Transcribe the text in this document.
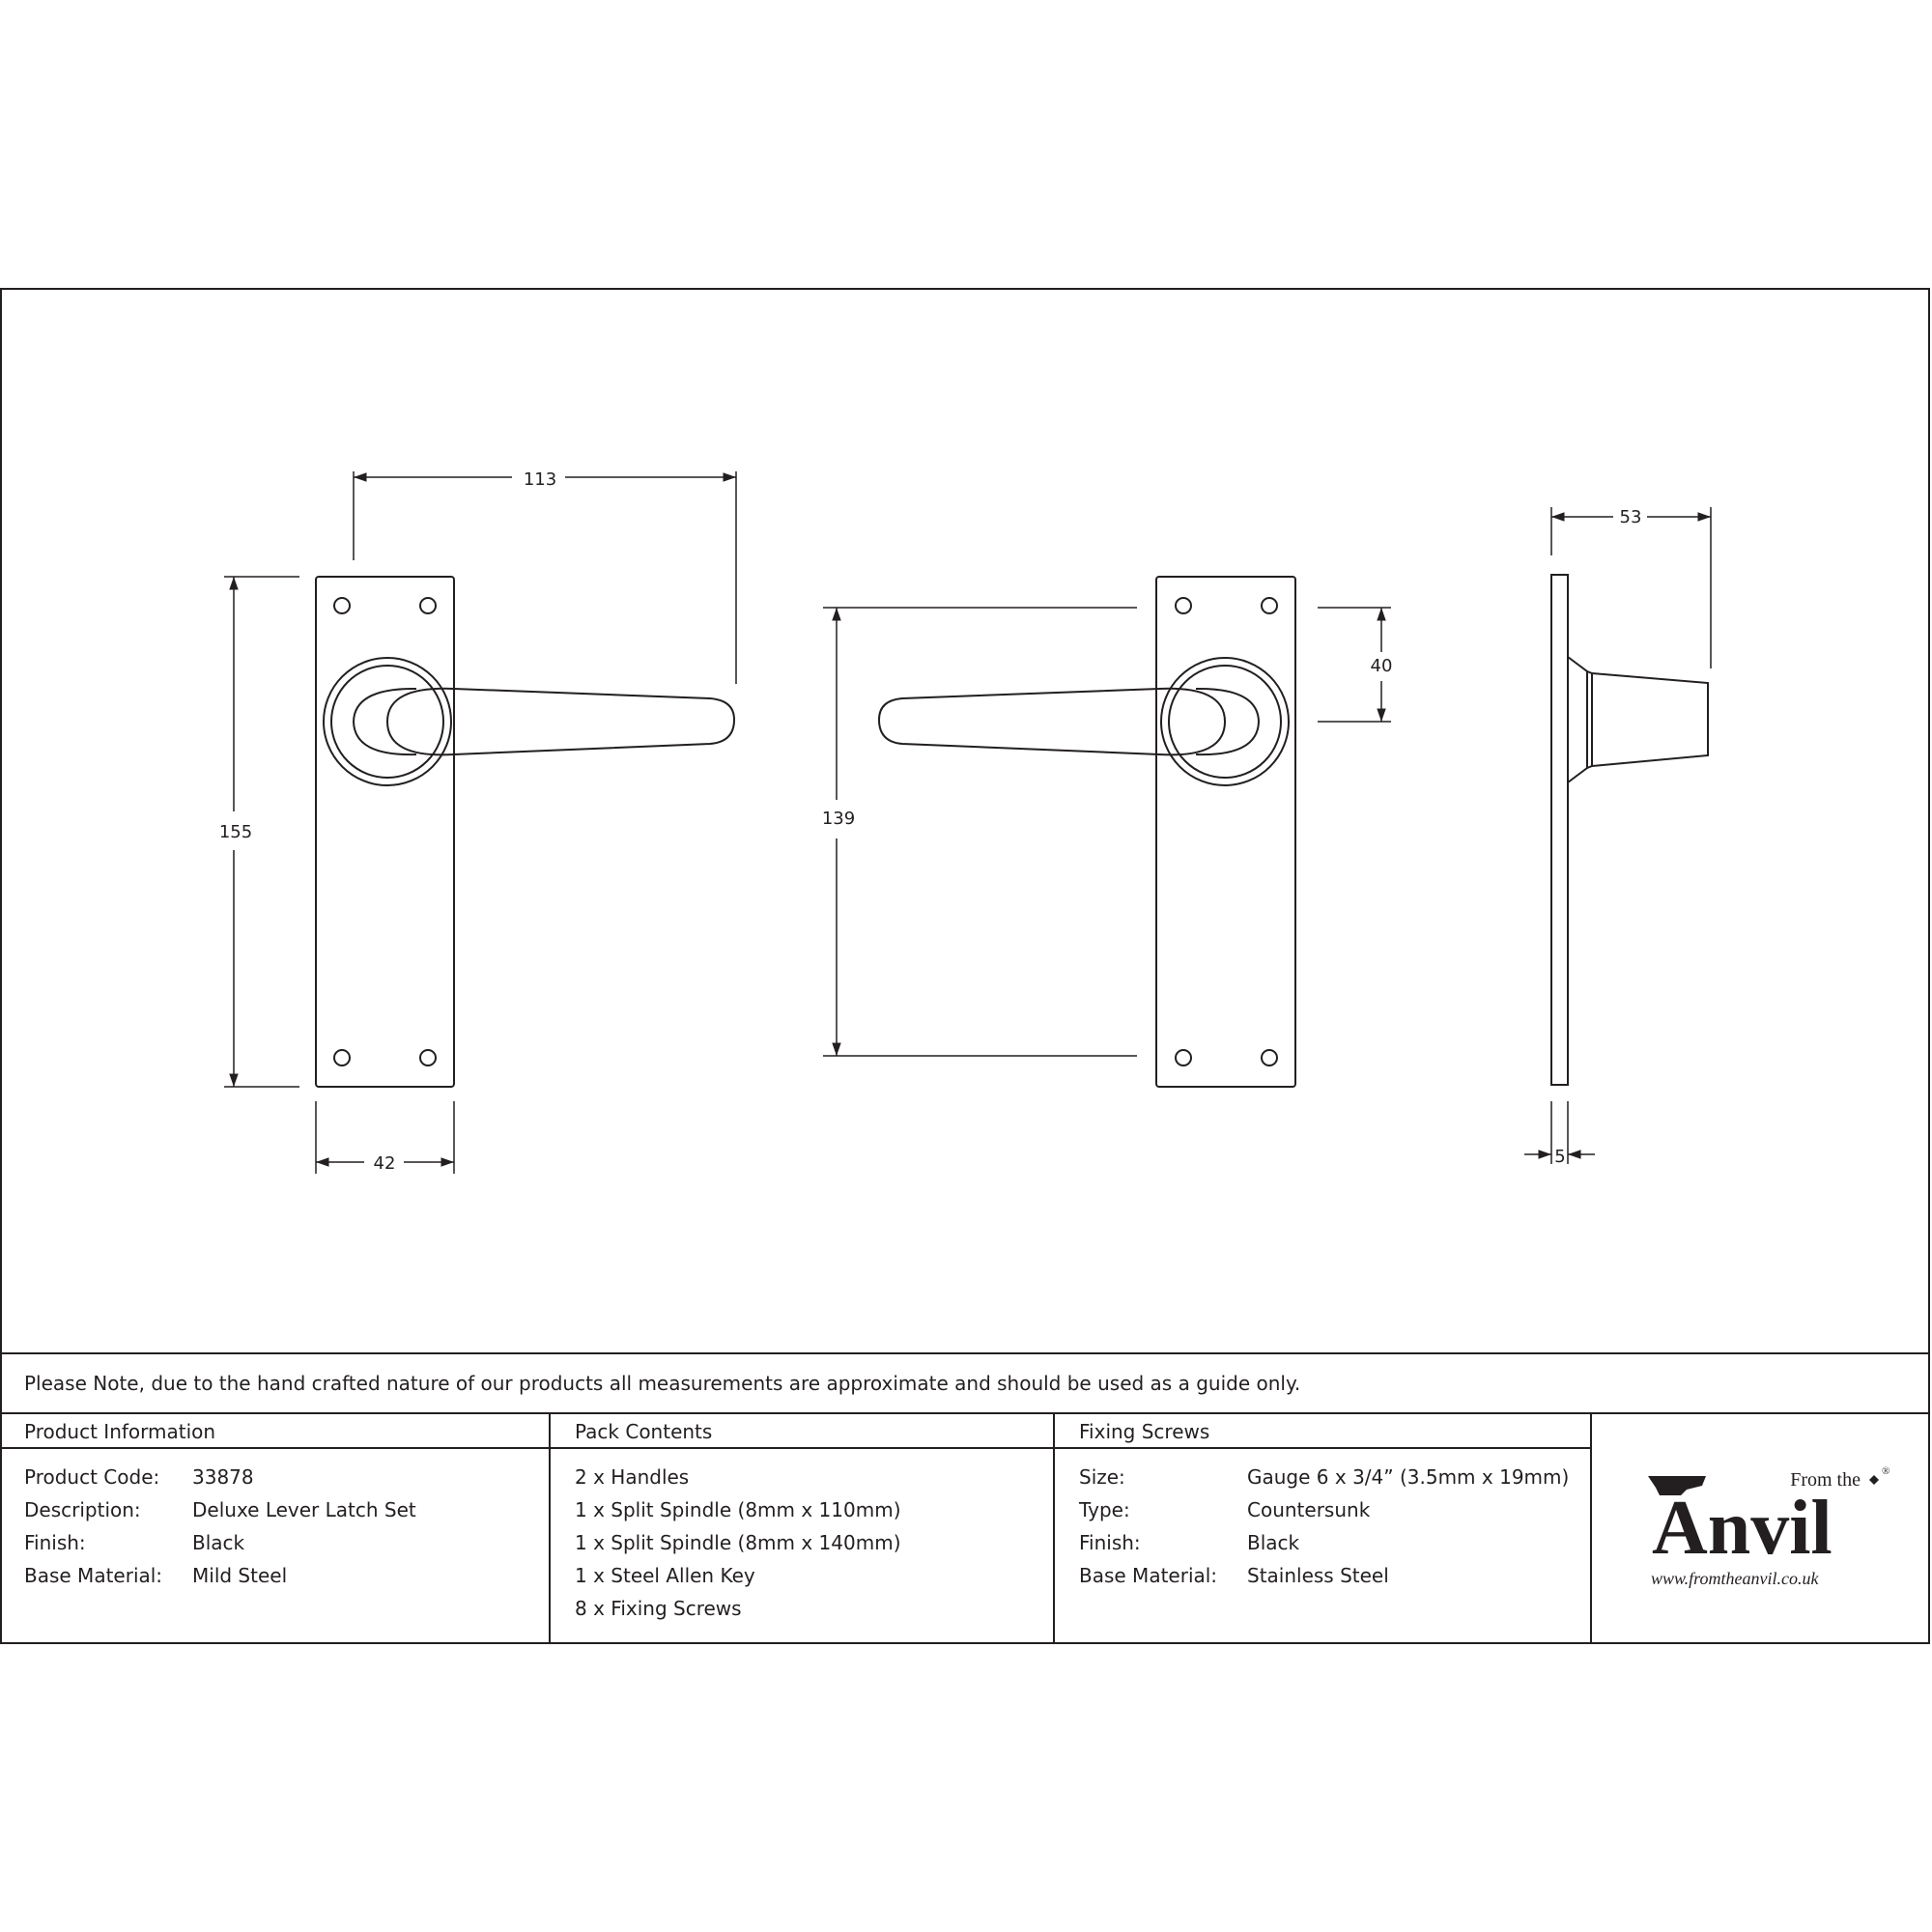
113
155
42
139
40
53
5
Please Note, due to the hand crafted nature of our products all measurements are approximate and should be used as a guide only.
Product Information
Product Code: 33878
Description:	Deluxe Lever Latch Set
Finish:	Black
Base Material: Mild Steel
Pack Contents
2 x Handles
1 x Split Spindle (8mm x 110mm)
1 x Split Spindle (8mm x 140mm)
1 x Steel Allen Key
8 x Fixing Screws
Fixing Screws
Size:	Gauge 6 x 3/4” (3.5mm x 19mm)
Type:	Countersunk
Finish:	Black
Base Material: Stainless Steel
From the ®
Anvil
www.fromtheanvil.co.uk
